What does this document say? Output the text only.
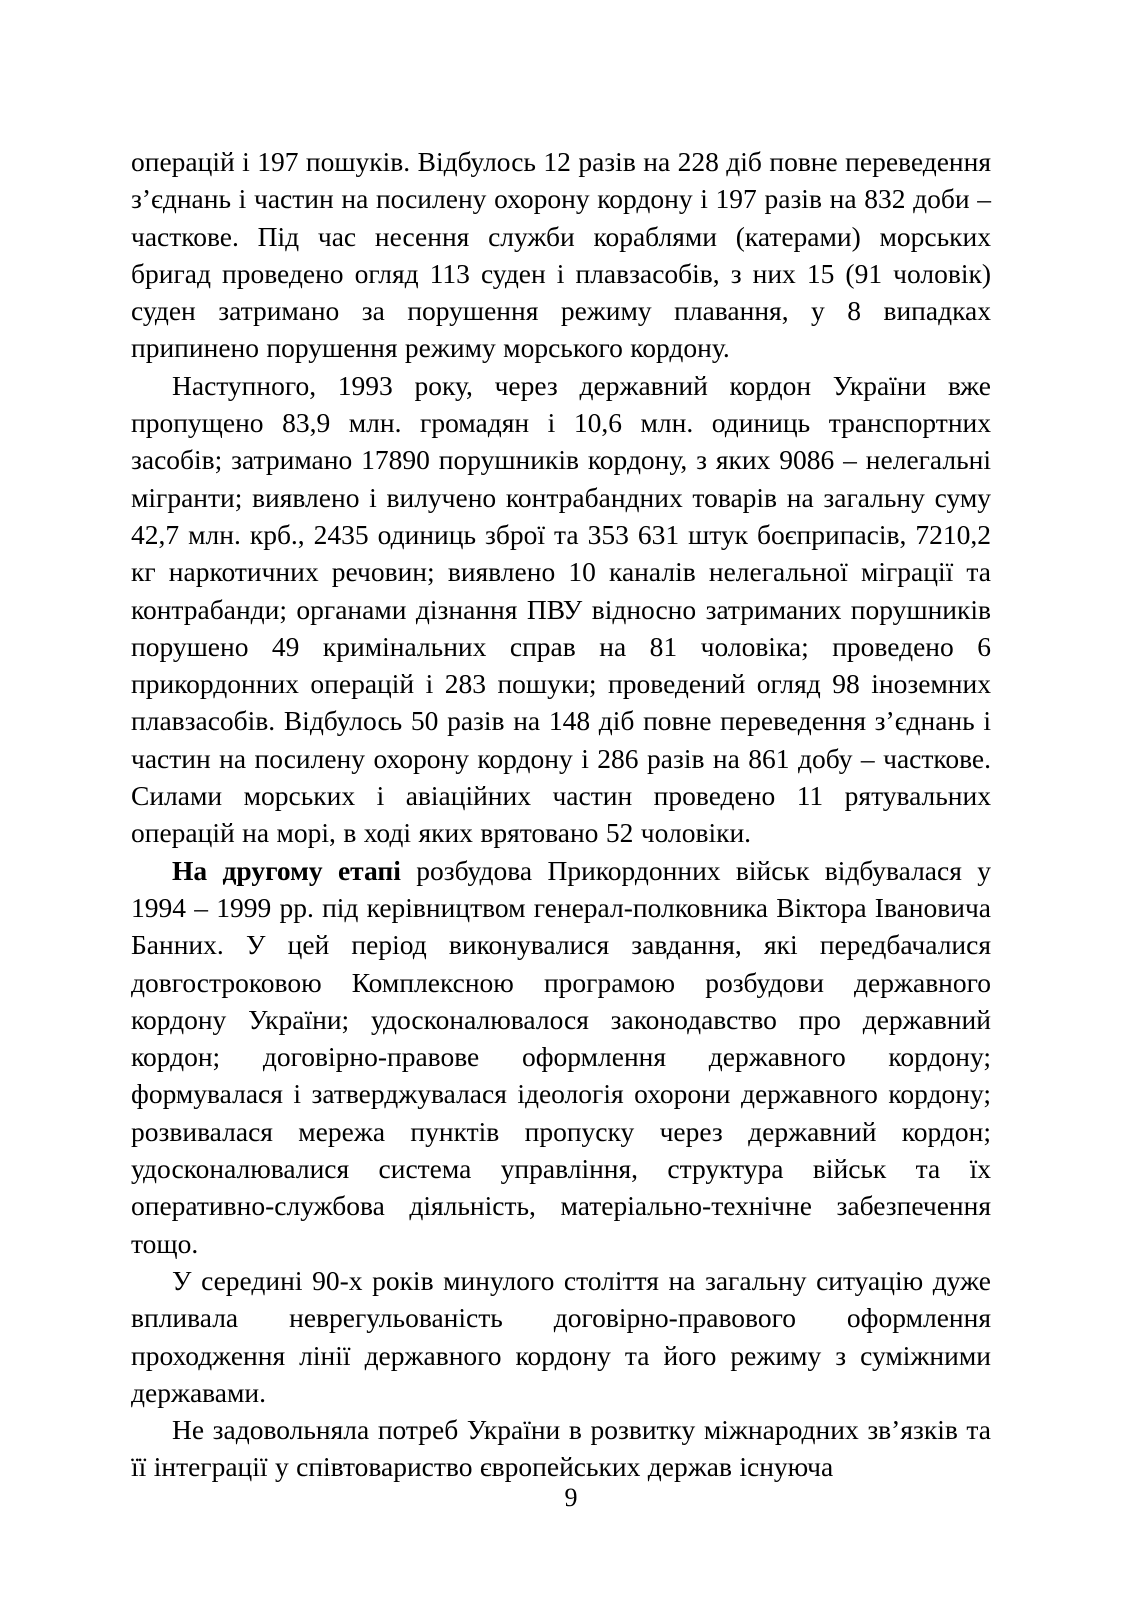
операцій і 197 пошуків. Відбулось 12 разів на 228 діб повне переведення з’єднань і частин на посилену охорону кордону і 197 разів на 832 доби – часткове. Під час несення служби кораблями (катерами) морських бригад проведено огляд 113 суден і плавзасобів, з них 15 (91 чоловік) суден затримано за порушення режиму плавання, у 8 випадках припинено порушення режиму морського кордону.

Наступного, 1993 року, через державний кордон України вже пропущено 83,9 млн. громадян і 10,6 млн. одиниць транспортних засобів; затримано 17890 порушників кордону, з яких 9086 – нелегальні мігранти; виявлено і вилучено контрабандних товарів на загальну суму 42,7 млн. крб., 2435 одиниць зброї та 353 631 штук боєприпасів, 7210,2 кг наркотичних речовин; виявлено 10 каналів нелегальної міграції та контрабанди; органами дізнання ПВУ відносно затриманих порушників порушено 49 кримінальних справ на 81 чоловіка; проведено 6 прикордонних операцій і 283 пошуки; проведений огляд 98 іноземних плавзасобів. Відбулось 50 разів на 148 діб повне переведення з’єднань і частин на посилену охорону кордону і 286 разів на 861 добу – часткове. Силами морських і авіаційних частин проведено 11 рятувальних операцій на морі, в ході яких врятовано 52 чоловіки.

На другому етапі розбудова Прикордонних військ відбувалася у 1994 – 1999 рр. під керівництвом генерал-полковника Віктора Івановича Банних. У цей період виконувалися завдання, які передбачалися довгостроковою Комплексною програмою розбудови державного кордону України; удосконалювалося законодавство про державний кордон; договірно-правове оформлення державного кордону; формувалася і затверджувалася ідеологія охорони державного кордону; розвивалася мережа пунктів пропуску через державний кордон; удосконалювалися система управління, структура військ та їх оперативно-службова діяльність, матеріально-технічне забезпечення тощо.

У середині 90-х років минулого століття на загальну ситуацію дуже впливала неврегульованість договірно-правового оформлення проходження лінії державного кордону та його режиму з суміжними державами.

Не задовольняла потреб України в розвитку міжнародних зв’язків та її інтеграції у співтовариство європейських держав існуюча

9
